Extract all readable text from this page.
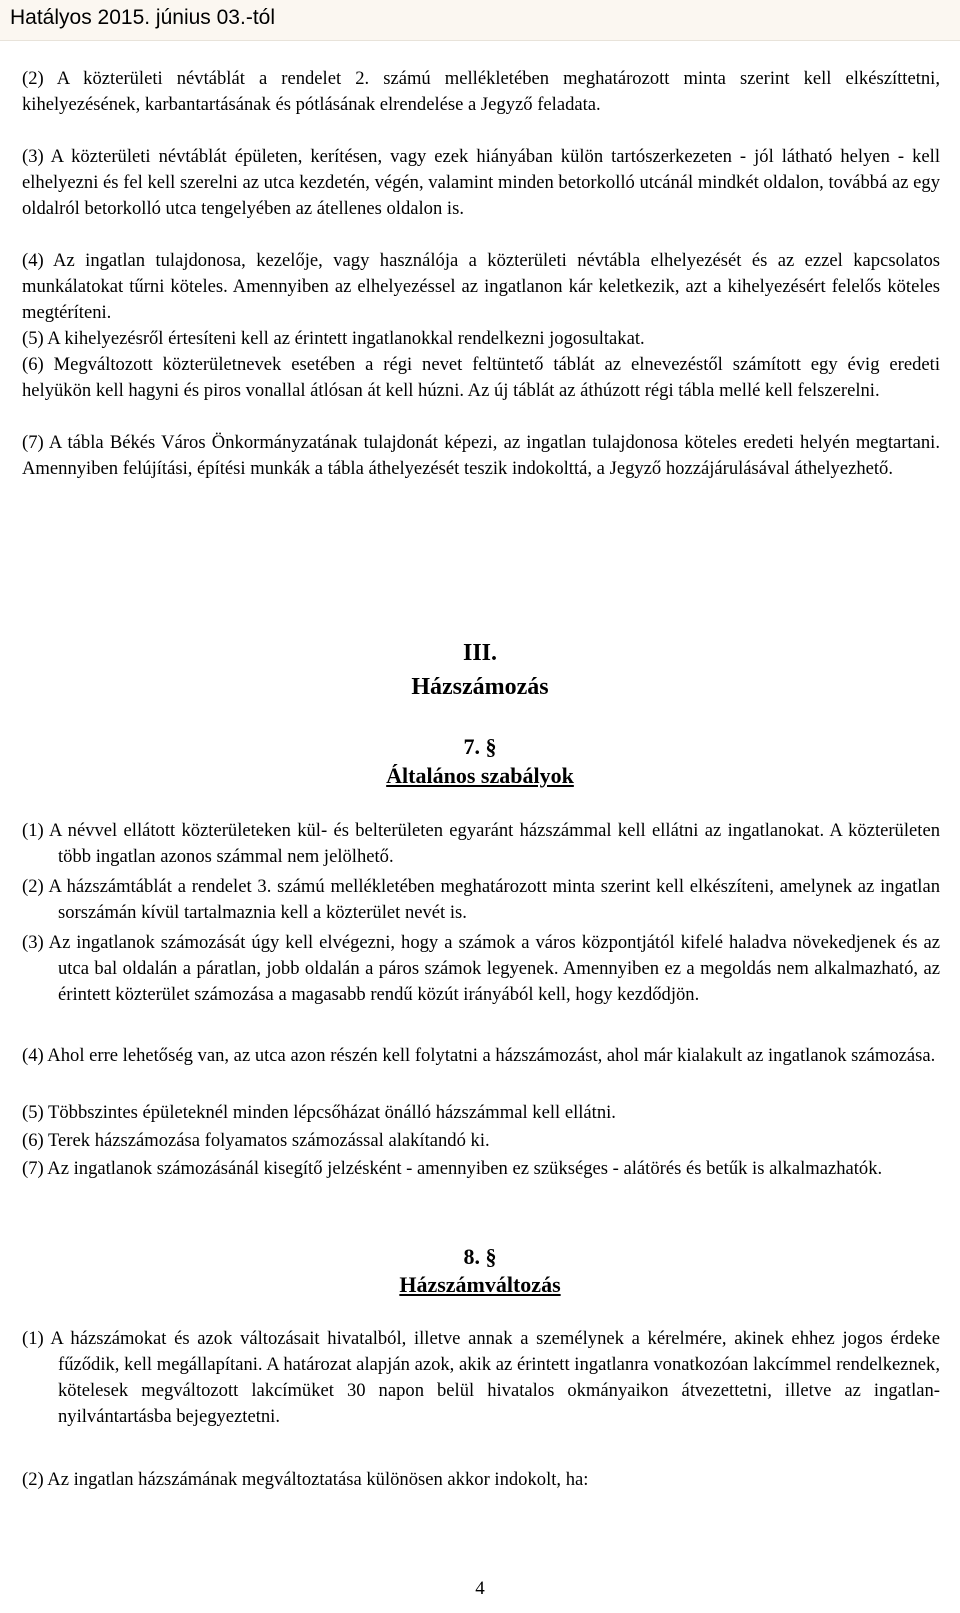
Hatályos 2015. június 03.-tól

(2) A közterületi névtáblát a rendelet 2. számú mellékletében meghatározott minta szerint kell elkészíttetni, kihelyezésének, karbantartásának és pótlásának elrendelése a Jegyző feladata.

(3) A közterületi névtáblát épületen, kerítésen, vagy ezek hiányában külön tartószerkezeten - jól látható helyen - kell elhelyezni és fel kell szerelni az utca kezdetén, végén, valamint minden betorkolló utcánál mindkét oldalon, továbbá az egy oldalról betorkolló utca tengelyében az átellenes oldalon is.

(4) Az ingatlan tulajdonosa, kezelője, vagy használója a közterületi névtábla elhelyezését és az ezzel kapcsolatos munkálatokat tűrni köteles. Amennyiben az elhelyezéssel az ingatlanon kár keletkezik, azt a kihelyezésért felelős köteles megtéríteni.

(5) A kihelyezésről értesíteni kell az érintett ingatlanokkal rendelkezni jogosultakat.

(6) Megváltozott közterületnevek esetében a régi nevet feltüntető táblát az elnevezéstől számított egy évig eredeti helyükön kell hagyni és piros vonallal átlósan át kell húzni. Az új táblát az áthúzott régi tábla mellé kell felszerelni.

(7) A tábla Békés Város Önkormányzatának tulajdonát képezi, az ingatlan tulajdonosa köteles eredeti helyén megtartani. Amennyiben felújítási, építési munkák a tábla áthelyezését teszik indokolttá, a Jegyző hozzájárulásával áthelyezhető.

III.
Házszámozás
7. §
Általános szabályok

(1) A névvel ellátott közterületeken kül- és belterületen egyaránt házszámmal kell ellátni az ingatlanokat. A közterületen több ingatlan azonos számmal nem jelölhető.

(2) A házszámtáblát a rendelet 3. számú mellékletében meghatározott minta szerint kell elkészíteni, amelynek az ingatlan sorszámán kívül tartalmaznia kell a közterület nevét is.

(3) Az ingatlanok számozását úgy kell elvégezni, hogy a számok a város központjától kifelé haladva növekedjenek és az utca bal oldalán a páratlan, jobb oldalán a páros számok legyenek. Amennyiben ez a megoldás nem alkalmazható, az érintett közterület számozása a magasabb rendű közút irányából kell, hogy kezdődjön.

(4) Ahol erre lehetőség van, az utca azon részén kell folytatni a házszámozást, ahol már kialakult az ingatlanok számozása.

(5) Többszintes épületeknél minden lépcsőházat önálló házszámmal kell ellátni.

(6) Terek házszámozása folyamatos számozással alakítandó ki.

(7) Az ingatlanok számozásánál kisegítő jelzésként - amennyiben ez szükséges - alátörés és betűk is alkalmazhatók.

8. §
Házszámváltozás

(1) A házszámokat és azok változásait hivatalból, illetve annak a személynek a kérelmére, akinek ehhez jogos érdeke fűződik, kell megállapítani. A határozat alapján azok, akik az érintett ingatlanra vonatkozóan lakcímmel rendelkeznek, kötelesek megváltozott lakcímüket 30 napon belül hivatalos okmányaikon átvezettetni, illetve az ingatlan-nyilvántartásba bejegyeztetni.

(2) Az ingatlan házszámának megváltoztatása különösen akkor indokolt, ha:

4
